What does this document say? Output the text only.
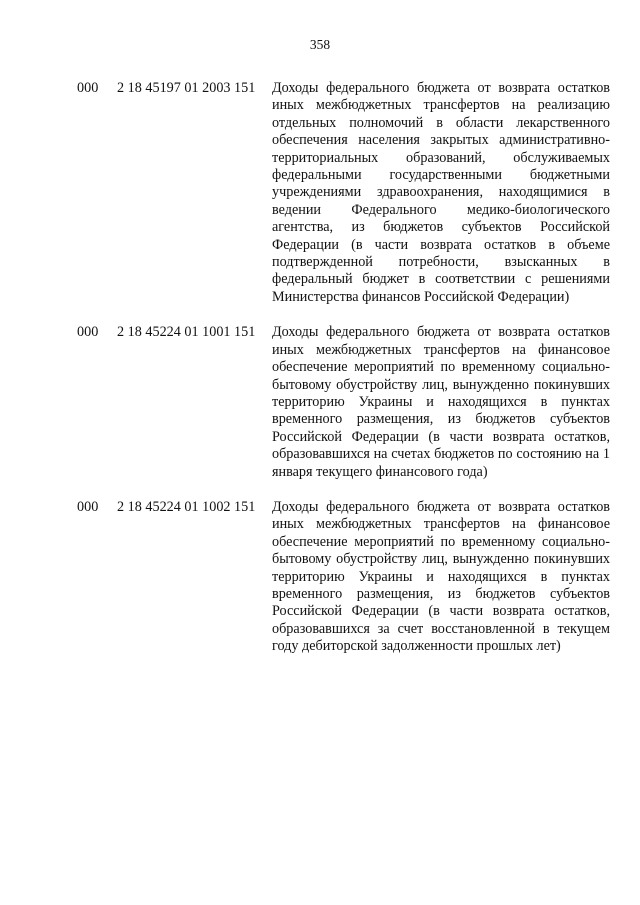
358
000	2 18 45197 01 2003 151	Доходы федерального бюджета от возврата остатков иных межбюджетных трансфертов на реализацию отдельных полномочий в области лекарственного обеспечения населения закрытых административно-территориальных образований, обслуживаемых федеральными государственными бюджетными учреждениями здравоохранения, находящимися в ведении Федерального медико-биологического агентства, из бюджетов субъектов Российской Федерации (в части возврата остатков в объеме подтвержденной потребности, взысканных в федеральный бюджет в соответствии с решениями Министерства финансов Российской Федерации)
000	2 18 45224 01 1001 151	Доходы федерального бюджета от возврата остатков иных межбюджетных трансфертов на финансовое обеспечение мероприятий по временному социально-бытовому обустройству лиц, вынужденно покинувших территорию Украины и находящихся в пунктах временного размещения, из бюджетов субъектов Российской Федерации (в части возврата остатков, образовавшихся на счетах бюджетов по состоянию на 1 января текущего финансового года)
000	2 18 45224 01 1002 151	Доходы федерального бюджета от возврата остатков иных межбюджетных трансфертов на финансовое обеспечение мероприятий по временному социально-бытовому обустройству лиц, вынужденно покинувших территорию Украины и находящихся в пунктах временного размещения, из бюджетов субъектов Российской Федерации (в части возврата остатков, образовавшихся за счет восстановленной в текущем году дебиторской задолженности прошлых лет)
